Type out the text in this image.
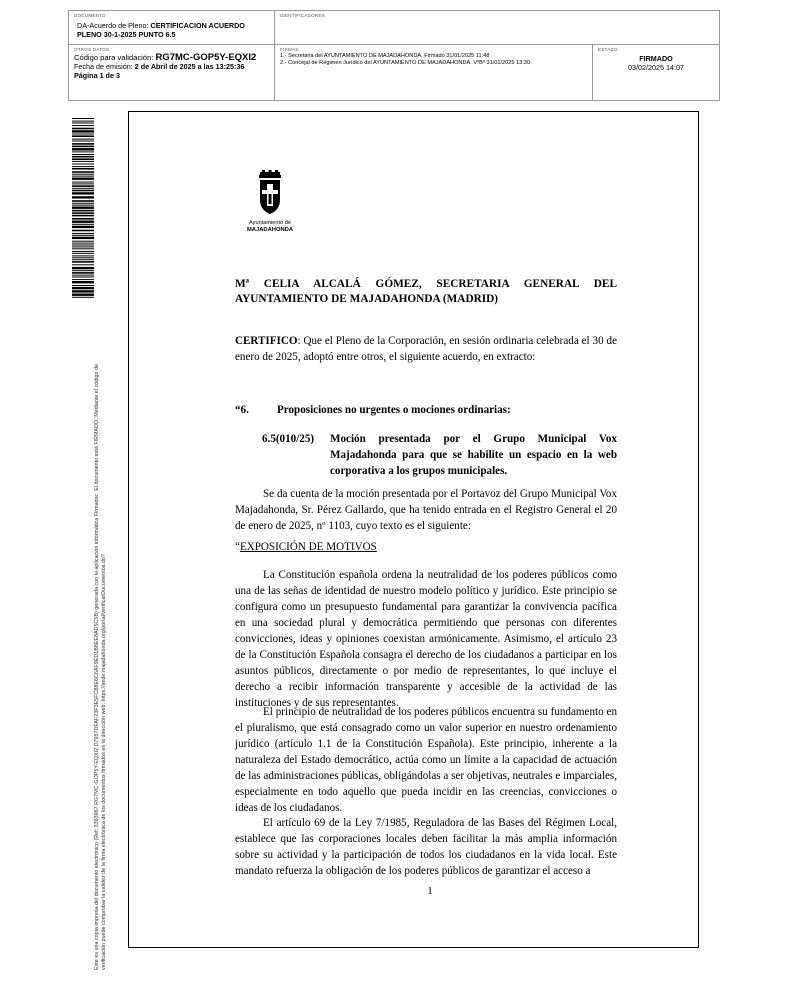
DOCUMENTO
DA-Acuerdo de Pleno: CERTIFICACION ACUERDO
PLENO 30-1-2025 PUNTO 6.5
IDENTIFICADORES
OTROS DATOS
Código para validación: RG7MC-GOP5Y-EQXI2
Fecha de emisión: 2 de Abril de 2025 a las 13:25:36
Página 1 de 3
FIRMAS
1.- Secretaria del AYUNTAMIENTO DE MAJADAHONDA. Firmado 31/01/2025 11:48
2.- Concejal de Régimen Jurídico del AYUNTAMIENTO DE MAJADAHONDA. VºBº 31/01/2025 13:30
ESTADO
FIRMADO
03/02/2025 14:07
Este es una copia impresa del documento electrónico (Ref: 3393967 RG7MC-GOP5Y-EQXI2 D7957DFAF23F3E5FC88E6C6AF9ED1B8EE8AD5C5B) generada con la aplicación informática Firmadoc. El documento está FIRMADO. Mediante el código de verificación puede comprobar la validez de la firma electrónica de los documentos firmados en la dirección web: https://sede.majadahonda.org/portal/verificarDocumentos.do?
Ayuntamiento de
MAJADAHONDA
Mª CELIA ALCALÁ GÓMEZ, SECRETARIA GENERAL DEL AYUNTAMIENTO DE MAJADAHONDA (MADRID)
CERTIFICO: Que el Pleno de la Corporación, en sesión ordinaria celebrada el 30 de enero de 2025, adoptó entre otros, el siguiente acuerdo, en extracto:
“6.	Proposiciones no urgentes o mociones ordinarias:
6.5(010/25)	Moción presentada por el Grupo Municipal Vox Majadahonda para que se habilite un espacio en la web corporativa a los grupos municipales.
Se da cuenta de la moción presentada por el Portavoz del Grupo Municipal Vox Majadahonda, Sr. Pérez Gallardo, que ha tenido entrada en el Registro General el 20 de enero de 2025, nº 1103, cuyo texto es el siguiente:
“EXPOSICIÓN DE MOTIVOS
La Constitución española ordena la neutralidad de los poderes públicos como una de las señas de identidad de nuestro modelo político y jurídico. Este principio se configura como un presupuesto fundamental para garantizar la convivencia pacífica en una sociedad plural y democrática permitiendo que personas con diferentes convicciones, ideas y opiniones coexistan armónicamente. Asimismo, el artículo 23 de la Constitución Española consagra el derecho de los ciudadanos a participar en los asuntos públicos, directamente o por medio de representantes, lo que incluye el derecho a recibir información transparente y accesible de la actividad de las instituciones y de sus representantes.
El principio de neutralidad de los poderes públicos encuentra su fundamento en el pluralismo, que está consagrado como un valor superior en nuestro ordenamiento jurídico (artículo 1.1 de la Constitución Española). Este principio, inherente a la naturaleza del Estado democrático, actúa como un límite a la capacidad de actuación de las administraciones públicas, obligándolas a ser objetivas, neutrales e imparciales, especialmente en todo aquello que pueda incidir en las creencias, convicciones o ideas de los ciudadanos.
El artículo 69 de la Ley 7/1985, Reguladora de las Bases del Régimen Local, establece que las corporaciones locales deben facilitar la más amplia información sobre su actividad y la participación de todos los ciudadanos en la vida local. Este mandato refuerza la obligación de los poderes públicos de garantizar el acceso a
1
